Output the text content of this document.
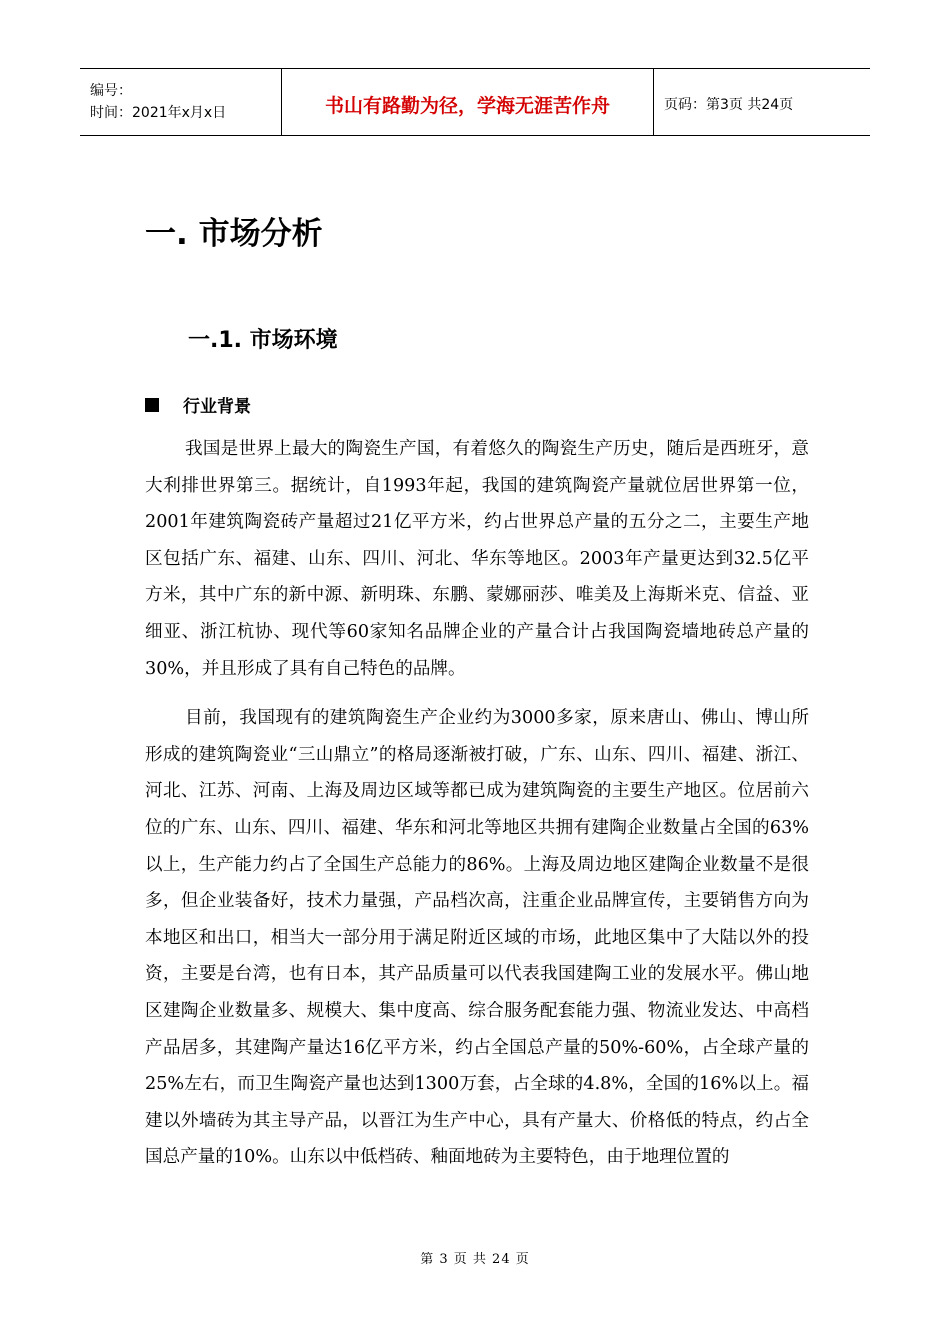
编号：
时间：2021年x月x日	书山有路勤为径，学海无涯苦作舟	页码：第3页 共24页
一. 市场分析
一.1. 市场环境
行业背景

我国是世界上最大的陶瓷生产国，有着悠久的陶瓷生产历史，随后是西班牙，意大利排世界第三。据统计，自1993年起，我国的建筑陶瓷产量就位居世界第一位，2001年建筑陶瓷砖产量超过21亿平方米，约占世界总产量的五分之二，主要生产地区包括广东、福建、山东、四川、河北、华东等地区。2003年产量更达到32.5亿平方米，其中广东的新中源、新明珠、东鹏、蒙娜丽莎、唯美及上海斯米克、信益、亚细亚、浙江杭协、现代等60家知名品牌企业的产量合计占我国陶瓷墙地砖总产量的30%，并且形成了具有自己特色的品牌。

目前，我国现有的建筑陶瓷生产企业约为3000多家，原来唐山、佛山、博山所形成的建筑陶瓷业“三山鼎立”的格局逐渐被打破，广东、山东、四川、福建、浙江、河北、江苏、河南、上海及周边区域等都已成为建筑陶瓷的主要生产地区。位居前六位的广东、山东、四川、福建、华东和河北等地区共拥有建陶企业数量占全国的63%以上，生产能力约占了全国生产总能力的86%。上海及周边地区建陶企业数量不是很多，但企业装备好，技术力量强，产品档次高，注重企业品牌宣传，主要销售方向为本地区和出口，相当大一部分用于满足附近区域的市场，此地区集中了大陆以外的投资，主要是台湾，也有日本，其产品质量可以代表我国建陶工业的发展水平。佛山地区建陶企业数量多、规模大、集中度高、综合服务配套能力强、物流业发达、中高档产品居多，其建陶产量达16亿平方米，约占全国总产量的50%-60%，占全球产量的25%左右，而卫生陶瓷产量也达到1300万套，占全球的4.8%，全国的16%以上。福建以外墙砖为其主导产品，以晋江为生产中心，具有产量大、价格低的特点，约占全国总产量的10%。山东以中低档砖、釉面地砖为主要特色，由于地理位置的

第 3 页 共 24 页
